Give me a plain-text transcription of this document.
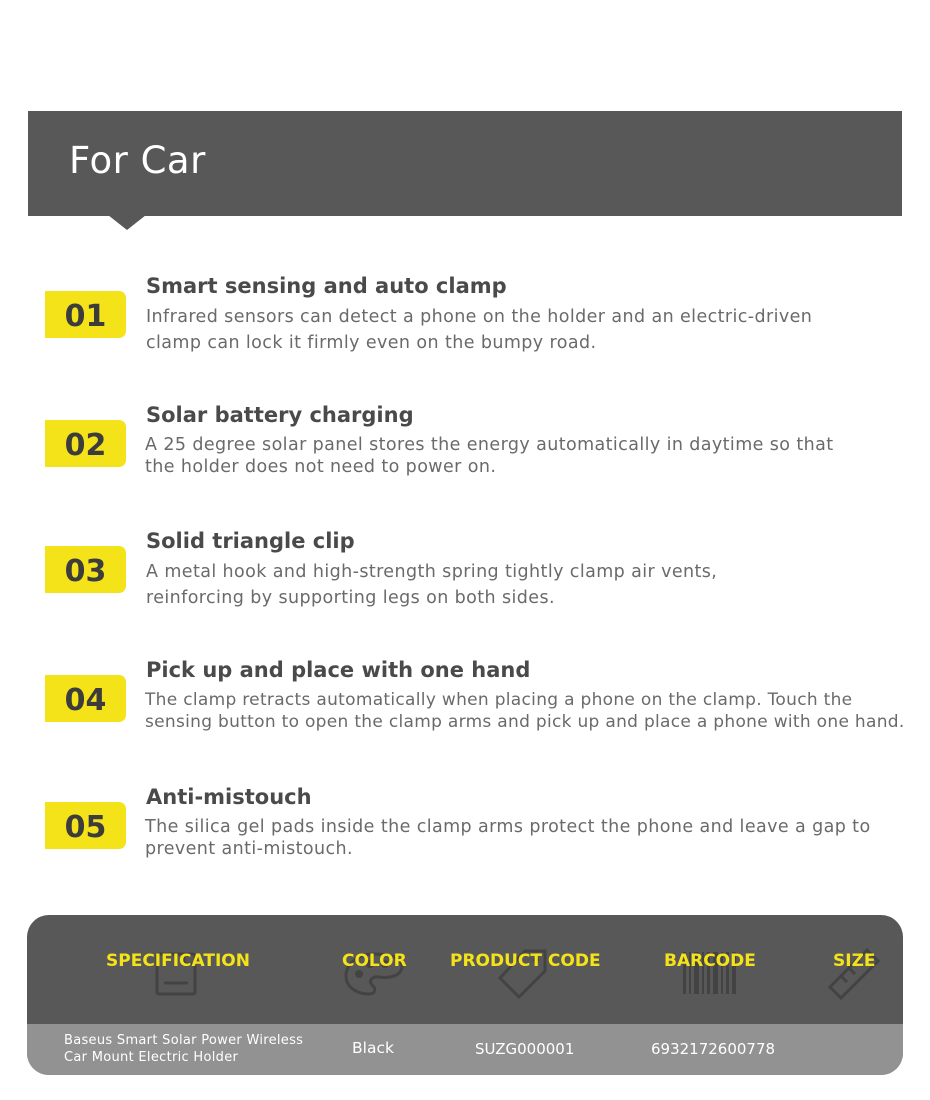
For Car
01
Smart sensing and auto clamp
Infrared sensors can detect a phone on the holder and an electric-driven
clamp can lock it firmly even on the bumpy road.
02
Solar battery charging
A 25 degree solar panel stores the energy automatically in daytime so that
the holder does not need to power on.
03
Solid triangle clip
A metal hook and high-strength spring tightly clamp air vents,
reinforcing by supporting legs on both sides.
04
Pick up and place with one hand
The clamp retracts automatically when placing a phone on the clamp. Touch the
sensing button to open the clamp arms and pick up and place a phone with one hand.
05
Anti-mistouch
The silica gel pads inside the clamp arms protect the phone and leave a gap to
prevent anti-mistouch.
SPECIFICATION	COLOR	PRODUCT CODE	BARCODE	SIZE
Baseus Smart Solar Power Wireless
Car Mount Electric Holder
Black	SUZG000001	6932172600778
